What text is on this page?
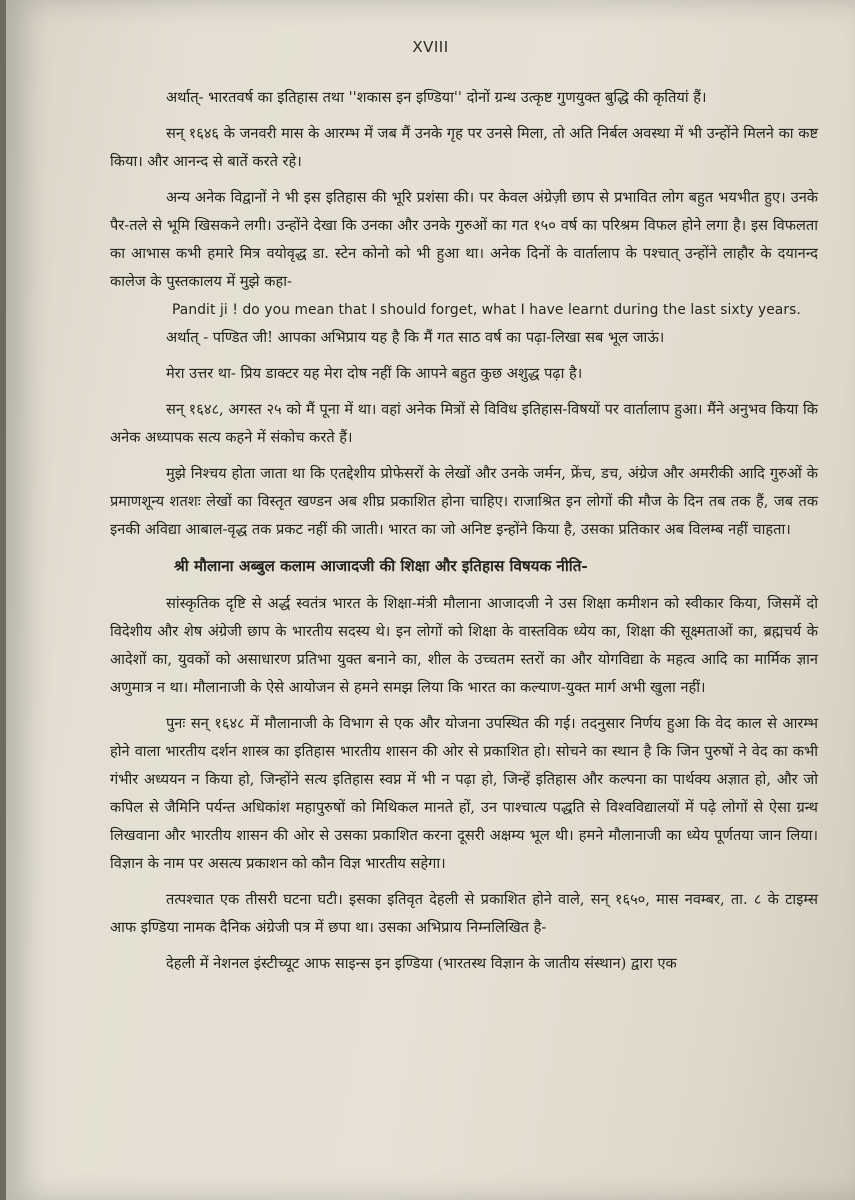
XVIII

अर्थात्- भारतवर्ष का इतिहास तथा ''शकास इन इण्डिया'' दोनों ग्रन्थ उत्कृष्ट गुणयुक्त बुद्धि की कृतियां हैं।

सन् १६४६ के जनवरी मास के आरम्भ में जब मैं उनके गृह पर उनसे मिला, तो अति निर्बल अवस्था में भी उन्होंने मिलने का कष्ट किया। और आनन्द से बातें करते रहे।

अन्य अनेक विद्वानों ने भी इस इतिहास की भूरि प्रशंसा की। पर केवल अंग्रेज़ी छाप से प्रभावित लोग बहुत भयभीत हुए। उनके पैर-तले से भूमि खिसकने लगी। उन्होंने देखा कि उनका और उनके गुरुओं का गत १५० वर्ष का परिश्रम विफल होने लगा है। इस विफलता का आभास कभी हमारे मित्र वयोवृद्ध डा. स्टेन कोनो को भी हुआ था। अनेक दिनों के वार्तालाप के पश्चात् उन्होंने लाहौर के दयानन्द कालेज के पुस्तकालय में मुझे कहा-

Pandit ji ! do you mean that I should forget, what I have learnt during the last sixty years.

अर्थात् - पण्डित जी! आपका अभिप्राय यह है कि मैं गत साठ वर्ष का पढ़ा-लिखा सब भूल जाऊं।

मेरा उत्तर था- प्रिय डाक्टर यह मेरा दोष नहीं कि आपने बहुत कुछ अशुद्ध पढ़ा है।

सन् १६४८, अगस्त २५ को मैं पूना में था। वहां अनेक मित्रों से विविध इतिहास-विषयों पर वार्तालाप हुआ। मैंने अनुभव किया कि अनेक अध्यापक सत्य कहने में संकोच करते हैं।

मुझे निश्चय होता जाता था कि एतद्देशीय प्रोफेसरों के लेखों और उनके जर्मन, फ्रेंच, डच, अंग्रेज और अमरीकी आदि गुरुओं के प्रमाणशून्य शतशः लेखों का विस्तृत खण्डन अब शीघ्र प्रकाशित होना चाहिए। राजाश्रित इन लोगों की मौज के दिन तब तक हैं, जब तक इनकी अविद्या आबाल-वृद्ध तक प्रकट नहीं की जाती। भारत का जो अनिष्ट इन्होंने किया है, उसका प्रतिकार अब विलम्ब नहीं चाहता।

श्री मौलाना अब्बुल कलाम आजादजी की शिक्षा और इतिहास विषयक नीति-

सांस्कृतिक दृष्टि से अर्द्ध स्वतंत्र भारत के शिक्षा-मंत्री मौलाना आजादजी ने उस शिक्षा कमीशन को स्वीकार किया, जिसमें दो विदेशीय और शेष अंग्रेजी छाप के भारतीय सदस्य थे। इन लोगों को शिक्षा के वास्तविक ध्येय का, शिक्षा की सूक्ष्मताओं का, ब्रह्मचर्य के आदेशों का, युवकों को असाधारण प्रतिभा युक्त बनाने का, शील के उच्चतम स्तरों का और योगविद्या के महत्व आदि का मार्मिक ज्ञान अणुमात्र न था। मौलानाजी के ऐसे आयोजन से हमने समझ लिया कि भारत का कल्याण-युक्त मार्ग अभी खुला नहीं।

पुनः सन् १६४८ में मौलानाजी के विभाग से एक और योजना उपस्थित की गई। तदनुसार निर्णय हुआ कि वेद काल से आरम्भ होने वाला भारतीय दर्शन शास्त्र का इतिहास भारतीय शासन की ओर से प्रकाशित हो। सोचने का स्थान है कि जिन पुरुषों ने वेद का कभी गंभीर अध्ययन न किया हो, जिन्होंने सत्य इतिहास स्वप्न में भी न पढ़ा हो, जिन्हें इतिहास और कल्पना का पार्थक्य अज्ञात हो, और जो कपिल से जैमिनि पर्यन्त अधिकांश महापुरुषों को मिथिकल मानते हों, उन पाश्चात्य पद्धति से विश्वविद्यालयों में पढ़े लोगों से ऐसा ग्रन्थ लिखवाना और भारतीय शासन की ओर से उसका प्रकाशित करना दूसरी अक्षम्य भूल थी। हमने मौलानाजी का ध्येय पूर्णतया जान लिया। विज्ञान के नाम पर असत्य प्रकाशन को कौन विज्ञ भारतीय सहेगा।

तत्पश्चात एक तीसरी घटना घटी। इसका इतिवृत देहली से प्रकाशित होने वाले, सन् १६५०, मास नवम्बर, ता. ८ के टाइम्स आफ इण्डिया नामक दैनिक अंग्रेजी पत्र में छपा था। उसका अभिप्राय निम्नलिखित है-

देहली में नेशनल इंस्टीच्यूट आफ साइन्स इन इण्डिया (भारतस्थ विज्ञान के जातीय संस्थान) द्वारा एक
